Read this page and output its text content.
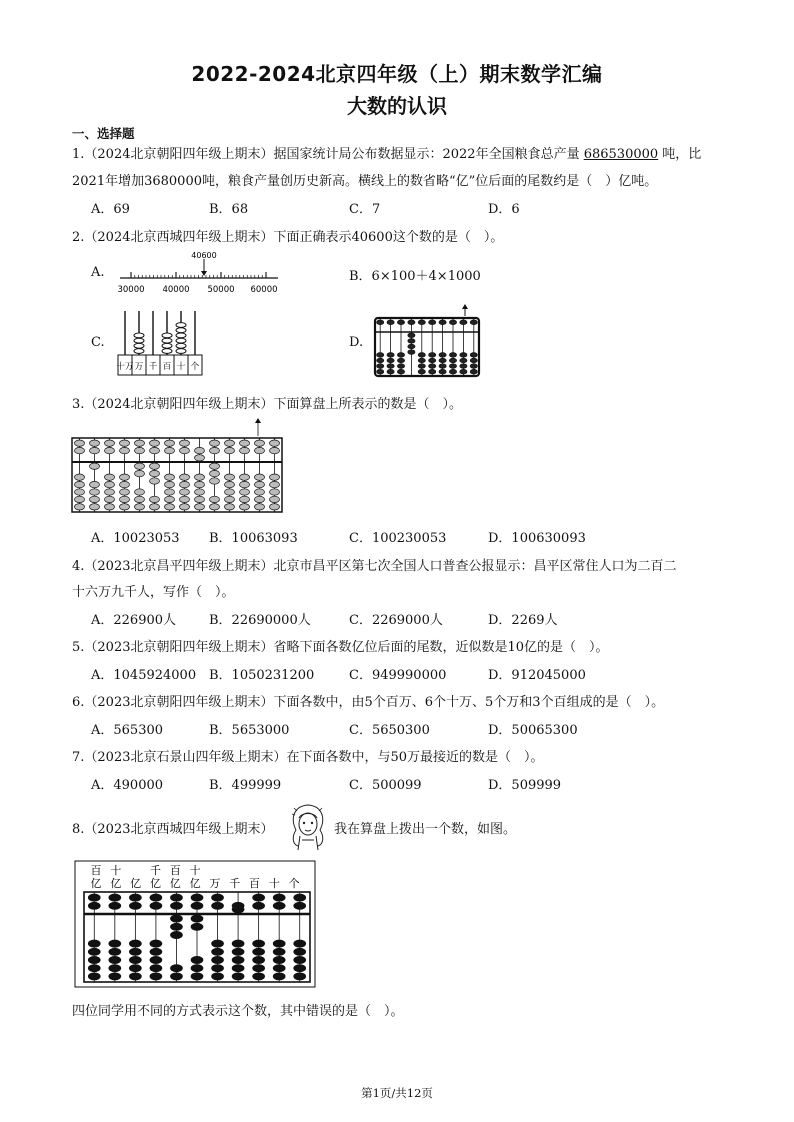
2022-2024北京四年级（上）期末数学汇编
大数的认识
一、选择题
1.（2024北京朝阳四年级上期末）据国家统计局公布数据显示：2022年全国粮食总产量 686530000 吨，比
2021年增加3680000吨，粮食产量创历史新高。横线上的数省略“亿”位后面的尾数约是（　）亿吨。
A．69	B．68	C．7	D．6
2.（2024北京西城四年级上期末）下面正确表示40600这个数的是（　）。
A.
40600
30000 40000 50000 60000
B．6×100＋4×1000
C.
十万 万 千 百 十 个
D.
3.（2024北京朝阳四年级上期末）下面算盘上所表示的数是（　）。
A．10023053 B．10063093	C．100230053	D．100630093
4.（2023北京昌平四年级上期末）北京市昌平区第七次全国人口普查公报显示：昌平区常住人口为二百二
十六万九千人，写作（　）。
A．226900人	B．22690000人	C．2269000人	D．2269人
5.（2023北京朝阳四年级上期末）省略下面各数亿位后面的尾数，近似数是10亿的是（　）。
A．1045924000 B．1050231200	C．949990000	D．912045000
6.（2023北京朝阳四年级上期末）下面各数中，由5个百万、6个十万、5个万和3个百组成的是（　）。
A．565300	B．5653000	C．5650300	D．50065300
7.（2023北京石景山四年级上期末）在下面各数中，与50万最接近的数是（　）。
A．490000	B．499999	C．500099	D．509999
8.（2023北京西城四年级上期末）	我在算盘上拨出一个数，如图。
百 十	千 百 十
亿 亿 亿 亿 亿 亿 万 千 百 十 个
四位同学用不同的方式表示这个数，其中错误的是（　）。
第1页/共12页
